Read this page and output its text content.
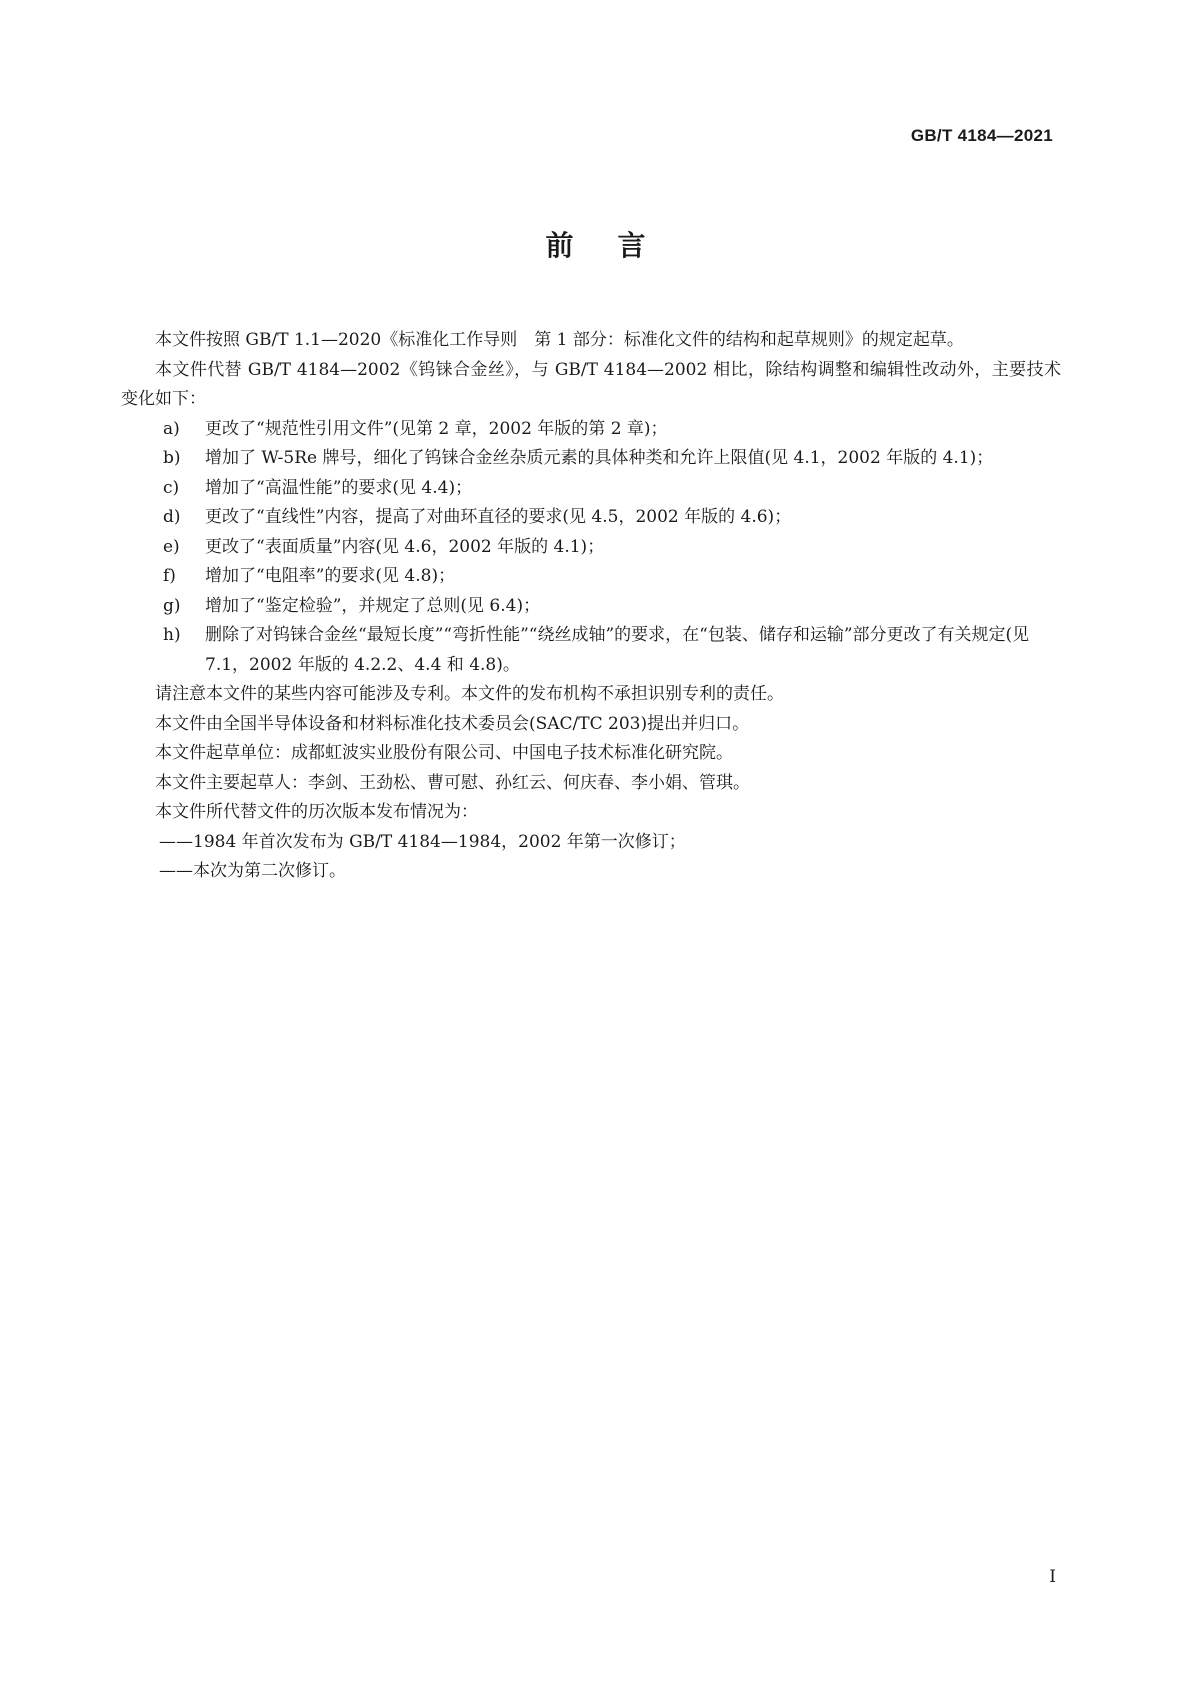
GB/T 4184—2021
前言

本文件按照 GB/T 1.1—2020《标准化工作导则　第 1 部分：标准化文件的结构和起草规则》的规定起草。

本文件代替 GB/T 4184—2002《钨铼合金丝》，与 GB/T 4184—2002 相比，除结构调整和编辑性改动外，主要技术变化如下：

a) 更改了“规范性引用文件”(见第 2 章，2002 年版的第 2 章)；
b) 增加了 W-5Re 牌号，细化了钨铼合金丝杂质元素的具体种类和允许上限值(见 4.1，2002 年版的 4.1)；
c) 增加了“高温性能”的要求(见 4.4)；
d) 更改了“直线性”内容，提高了对曲环直径的要求(见 4.5，2002 年版的 4.6)；
e) 更改了“表面质量”内容(见 4.6，2002 年版的 4.1)；
f) 增加了“电阻率”的要求(见 4.8)；
g) 增加了“鉴定检验”，并规定了总则(见 6.4)；
h) 删除了对钨铼合金丝“最短长度”“弯折性能”“绕丝成轴”的要求，在“包装、储存和运输”部分更改了有关规定(见 7.1，2002 年版的 4.2.2、4.4 和 4.8)。

请注意本文件的某些内容可能涉及专利。本文件的发布机构不承担识别专利的责任。

本文件由全国半导体设备和材料标准化技术委员会(SAC/TC 203)提出并归口。

本文件起草单位：成都虹波实业股份有限公司、中国电子技术标准化研究院。

本文件主要起草人：李剑、王劲松、曹可慰、孙红云、何庆春、李小娟、管琪。

本文件所代替文件的历次版本发布情况为：

——1984 年首次发布为 GB/T 4184—1984，2002 年第一次修订；
——本次为第二次修订。
I
